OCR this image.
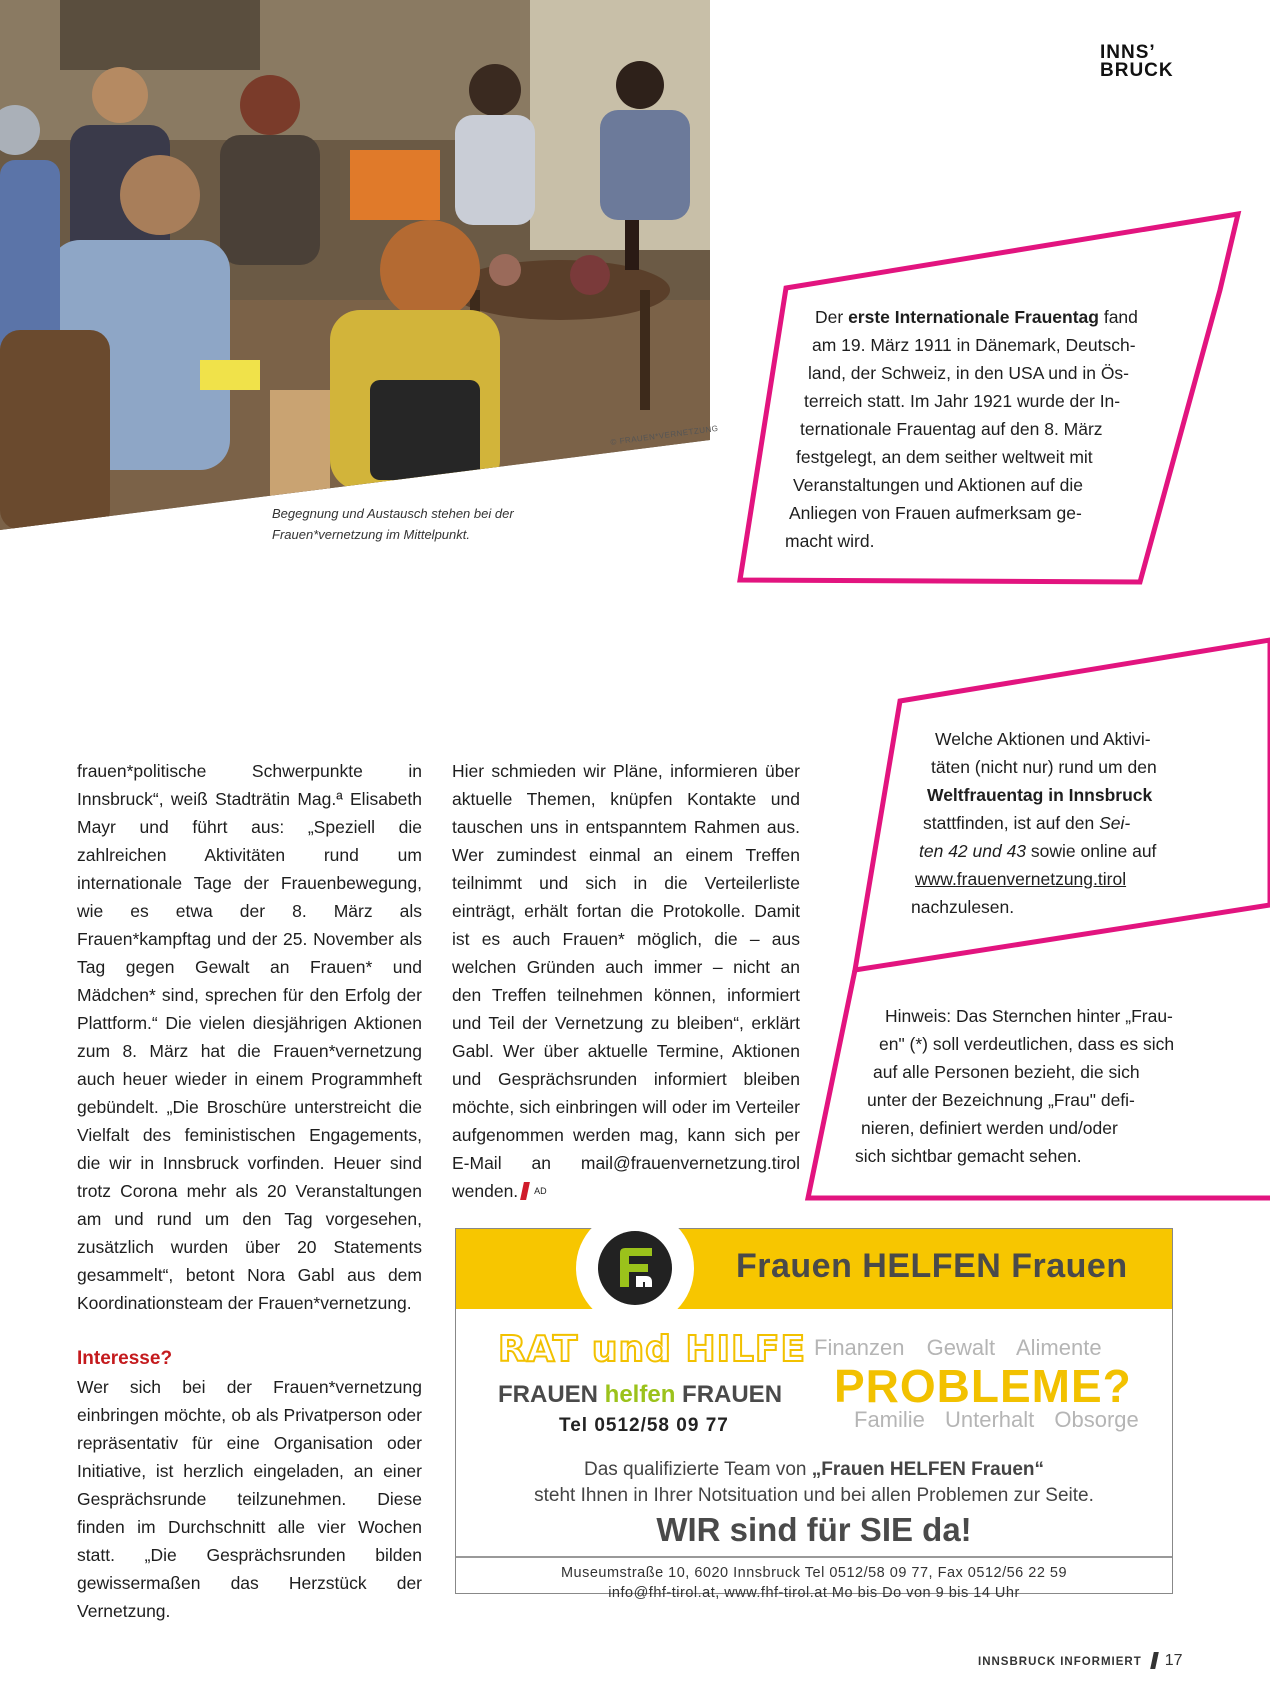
© FRAUEN*VERNETZUNG
Begegnung und Austausch stehen bei der
Frauen*vernetzung im Mittelpunkt.
INNS’
BRUCK
Der erste Internationale Frauentag fand
am 19. März 1911 in Dänemark, Deutsch-
land, der Schweiz, in den USA und in Ös-
terreich statt. Im Jahr 1921 wurde der In-
ternationale Frauentag auf den 8. März
festgelegt, an dem seither weltweit mit
Veranstaltungen und Aktionen auf die
Anliegen von Frauen aufmerksam ge-
macht wird.
Welche Aktionen und Aktivi-
täten (nicht nur) rund um den
Weltfrauentag in Innsbruck
stattfinden, ist auf den Sei-
ten 42 und 43 sowie online auf
www.frauenvernetzung.tirol
nachzulesen.
Hinweis: Das Sternchen hinter „Frau-
en" (*) soll verdeutlichen, dass es sich
auf alle Personen bezieht, die sich
unter der Bezeichnung „Frau" defi-
nieren, definiert werden und/oder
sich sichtbar gemacht sehen.

frauen*politische Schwerpunkte in Innsbruck“, weiß Stadträtin Mag.ª Elisabeth Mayr und führt aus: „Speziell die zahlreichen Aktivitäten rund um internationale Tage der Frauenbewegung, wie es etwa der 8. März als Frauen*kampftag und der 25. November als Tag gegen Gewalt an Frauen* und Mädchen* sind, sprechen für den Erfolg der Plattform.“ Die vielen diesjährigen Aktionen zum 8. März hat die Frauen*vernetzung auch heuer wieder in einem Programmheft gebündelt. „Die Broschüre unterstreicht die Vielfalt des feministischen Engagements, die wir in Innsbruck vorfinden. Heuer sind trotz Corona mehr als 20 Veranstaltungen am und rund um den Tag vorgesehen, zusätzlich wurden über 20 Statements gesammelt“, betont Nora Gabl aus dem Koordinationsteam der Frauen*vernetzung.

Interesse?

Wer sich bei der Frauen*vernetzung einbringen möchte, ob als Privatperson oder repräsentativ für eine Organisation oder Initiative, ist herzlich eingeladen, an einer Gesprächsrunde teilzunehmen. Diese finden im Durchschnitt alle vier Wochen statt. „Die Gesprächsrunden bilden gewissermaßen das Herzstück der Vernetzung.

Hier schmieden wir Pläne, informieren über aktuelle Themen, knüpfen Kontakte und tauschen uns in entspanntem Rahmen aus. Wer zumindest einmal an einem Treffen teilnimmt und sich in die Verteilerliste einträgt, erhält fortan die Protokolle. Damit ist es auch Frauen* möglich, die – aus welchen Gründen auch immer – nicht an den Treffen teilnehmen können, informiert und Teil der Vernetzung zu bleiben“, erklärt Gabl. Wer über aktuelle Termine, Aktionen und Gesprächsrunden informiert bleiben möchte, sich einbringen will oder im Verteiler aufgenommen werden mag, kann sich per E-Mail an mail@frauenvernetzung.tirol wenden. $^{AD}$

Frauen HELFEN Frauen
RAT und HILFE
FRAUEN helfen FRAUEN
Tel 0512/58 09 77
Finanzen Gewalt Alimente
PROBLEME?
Familie Unterhalt Obsorge
Das qualifizierte Team von „Frauen HELFEN Frauen“
steht Ihnen in Ihrer Notsituation und bei allen Problemen zur Seite.
WIR sind für SIE da!
Museumstraße 10, 6020 Innsbruck Tel 0512/58 09 77, Fax 0512/56 22 59
info@fhf-tirol.at, www.fhf-tirol.at Mo bis Do von 9 bis 14 Uhr
INNSBRUCK INFORMIERT 17
